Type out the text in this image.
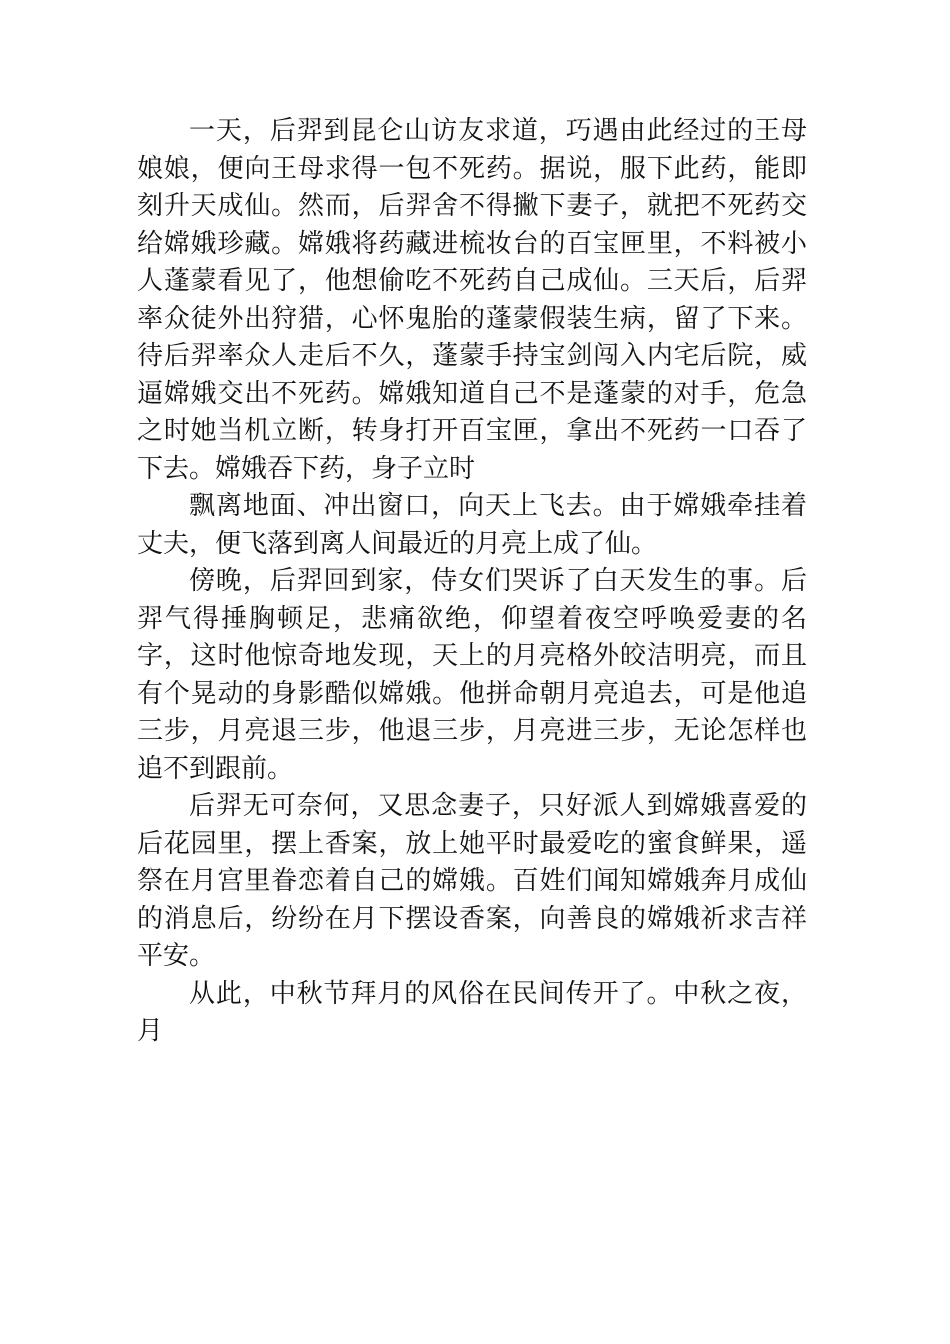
一天，后羿到昆仑山访友求道，巧遇由此经过的王母娘娘，便向王母求得一包不死药。据说，服下此药，能即刻升天成仙。然而，后羿舍不得撇下妻子，就把不死药交给嫦娥珍藏。嫦娥将药藏进梳妆台的百宝匣里，不料被小人蓬蒙看见了，他想偷吃不死药自己成仙。三天后，后羿率众徒外出狩猎，心怀鬼胎的蓬蒙假装生病，留了下来。待后羿率众人走后不久，蓬蒙手持宝剑闯入内宅后院，威逼嫦娥交出不死药。嫦娥知道自己不是蓬蒙的对手，危急之时她当机立断，转身打开百宝匣，拿出不死药一口吞了下去。嫦娥吞下药，身子立时

飘离地面、冲出窗口，向天上飞去。由于嫦娥牵挂着丈夫，便飞落到离人间最近的月亮上成了仙。

傍晚，后羿回到家，侍女们哭诉了白天发生的事。后羿气得捶胸顿足，悲痛欲绝，仰望着夜空呼唤爱妻的名字，这时他惊奇地发现，天上的月亮格外皎洁明亮，而且有个晃动的身影酷似嫦娥。他拼命朝月亮追去，可是他追三步，月亮退三步，他退三步，月亮进三步，无论怎样也追不到跟前。

后羿无可奈何，又思念妻子，只好派人到嫦娥喜爱的后花园里，摆上香案，放上她平时最爱吃的蜜食鲜果，遥祭在月宫里眷恋着自己的嫦娥。百姓们闻知嫦娥奔月成仙的消息后，纷纷在月下摆设香案，向善良的嫦娥祈求吉祥平安。

从此，中秋节拜月的风俗在民间传开了。中秋之夜，月
